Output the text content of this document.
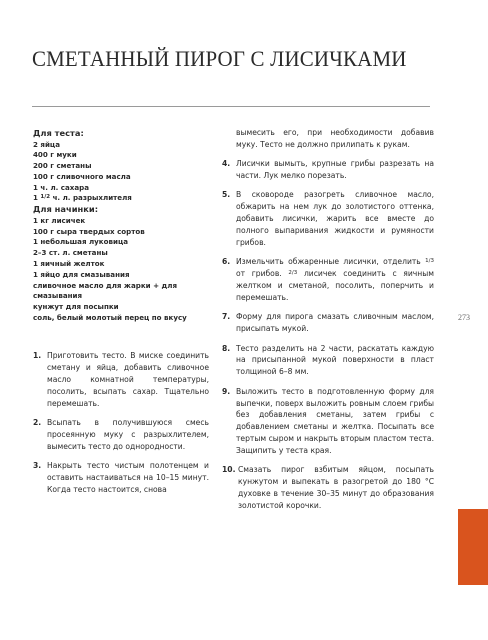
СМЕТАННЫЙ ПИРОГ С ЛИСИЧКАМИ
Для теста:
2 яйца
400 г муки
200 г сметаны
100 г сливочного масла
1 ч. л. сахара
1 1/2 ч. л. разрыхлителя
Для начинки:
1 кг лисичек
100 г сыра твердых сортов
1 небольшая луковица
2–3 ст. л. сметаны
1 яичный желток
1 яйцо для смазывания
сливочное масло для жарки + для
смазывания
кунжут для посыпки
соль, белый молотый перец по вкусу
1. Приготовить тесто. В миске соединить сметану и яйца, добавить сливочное масло комнатной температуры, посолить, всыпать сахар. Тщательно перемешать.
2. Всыпать в получившуюся смесь просеянную муку с разрыхлителем, вымесить тесто до однородности.
3. Накрыть тесто чистым полотенцем и оставить настаиваться на 10–15 минут. Когда тесто настоится, снова
вымесить его, при необходимости добавив муку. Тесто не должно прилипать к рукам.
4. Лисички вымыть, крупные грибы разрезать на части. Лук мелко порезать.
5. В сковороде разогреть сливочное масло, обжарить на нем лук до золотистого оттенка, добавить лисички, жарить все вместе до полного выпаривания жидкости и румяности грибов.
6. Измельчить обжаренные лисички, отделить 1/3 от грибов. 2/3 лисичек соединить с яичным желтком и сметаной, посолить, поперчить и перемешать.
7. Форму для пирога смазать сливочным маслом, присыпать мукой.
8. Тесто разделить на 2 части, раскатать каждую на присыпанной мукой поверхности в пласт толщиной 6–8 мм.
9. Выложить тесто в подготовленную форму для выпечки, поверх выложить ровным слоем грибы без добавления сметаны, затем грибы с добавлением сметаны и желтка. Посыпать все тертым сыром и накрыть вторым пластом теста. Защипить у теста края.
10. Смазать пирог взбитым яйцом, посыпать кунжутом и выпекать в разогретой до 180 °C духовке в течение 30–35 минут до образования золотистой корочки.
273
